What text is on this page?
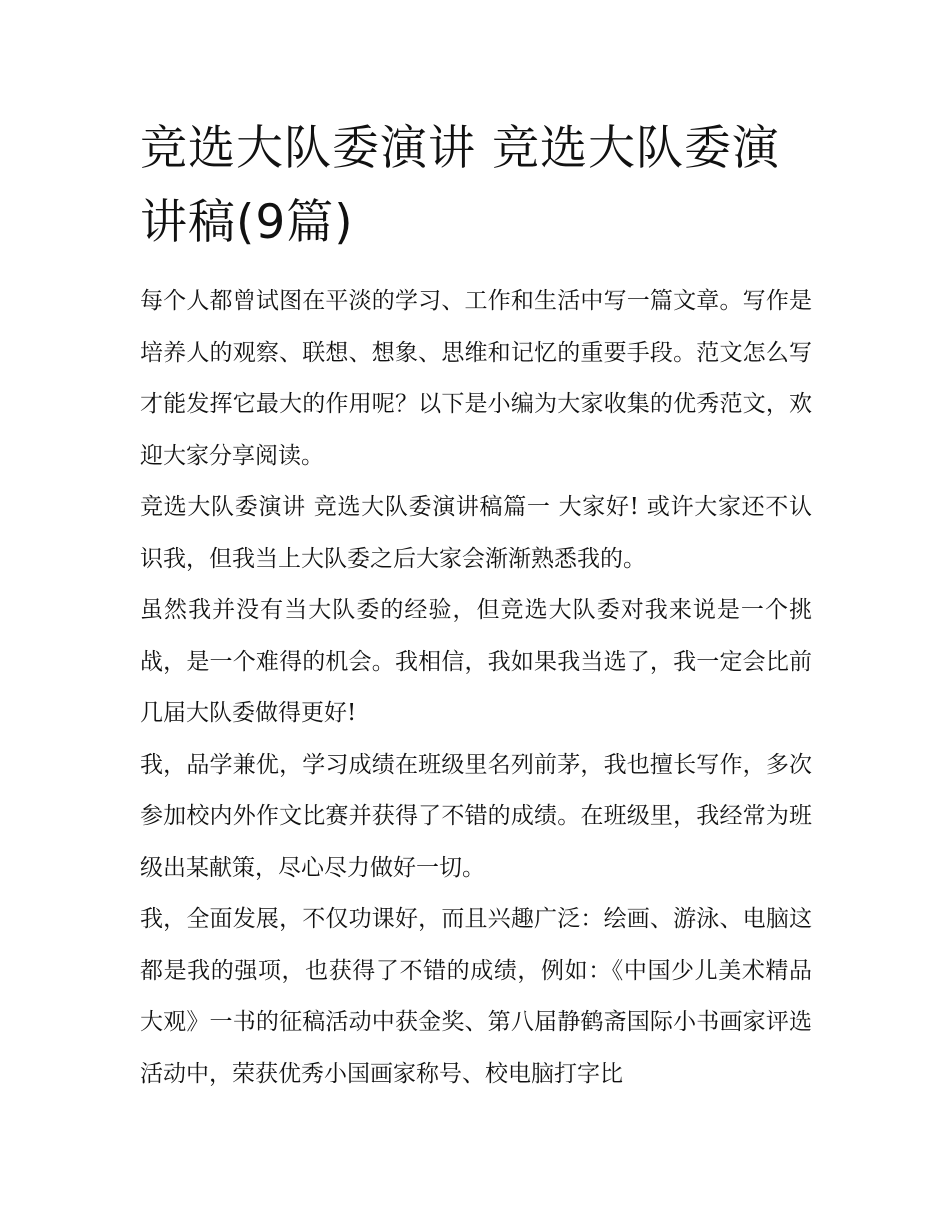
竞选大队委演讲 竞选大队委演讲稿(9篇)

每个人都曾试图在平淡的学习、工作和生活中写一篇文章。写作是培养人的观察、联想、想象、思维和记忆的重要手段。范文怎么写才能发挥它最大的作用呢？以下是小编为大家收集的优秀范文，欢迎大家分享阅读。

竞选大队委演讲 竞选大队委演讲稿篇一 大家好! 或许大家还不认识我，但我当上大队委之后大家会渐渐熟悉我的。

虽然我并没有当大队委的经验，但竞选大队委对我来说是一个挑战，是一个难得的机会。我相信，我如果我当选了，我一定会比前几届大队委做得更好!

我，品学兼优，学习成绩在班级里名列前茅，我也擅长写作，多次参加校内外作文比赛并获得了不错的成绩。在班级里，我经常为班级出某献策，尽心尽力做好一切。

我，全面发展，不仅功课好，而且兴趣广泛：绘画、游泳、电脑这都是我的强项，也获得了不错的成绩，例如：《中国少儿美术精品大观》一书的征稿活动中获金奖、第八届静鹤斋国际小书画家评选活动中，荣获优秀小国画家称号、校电脑打字比
